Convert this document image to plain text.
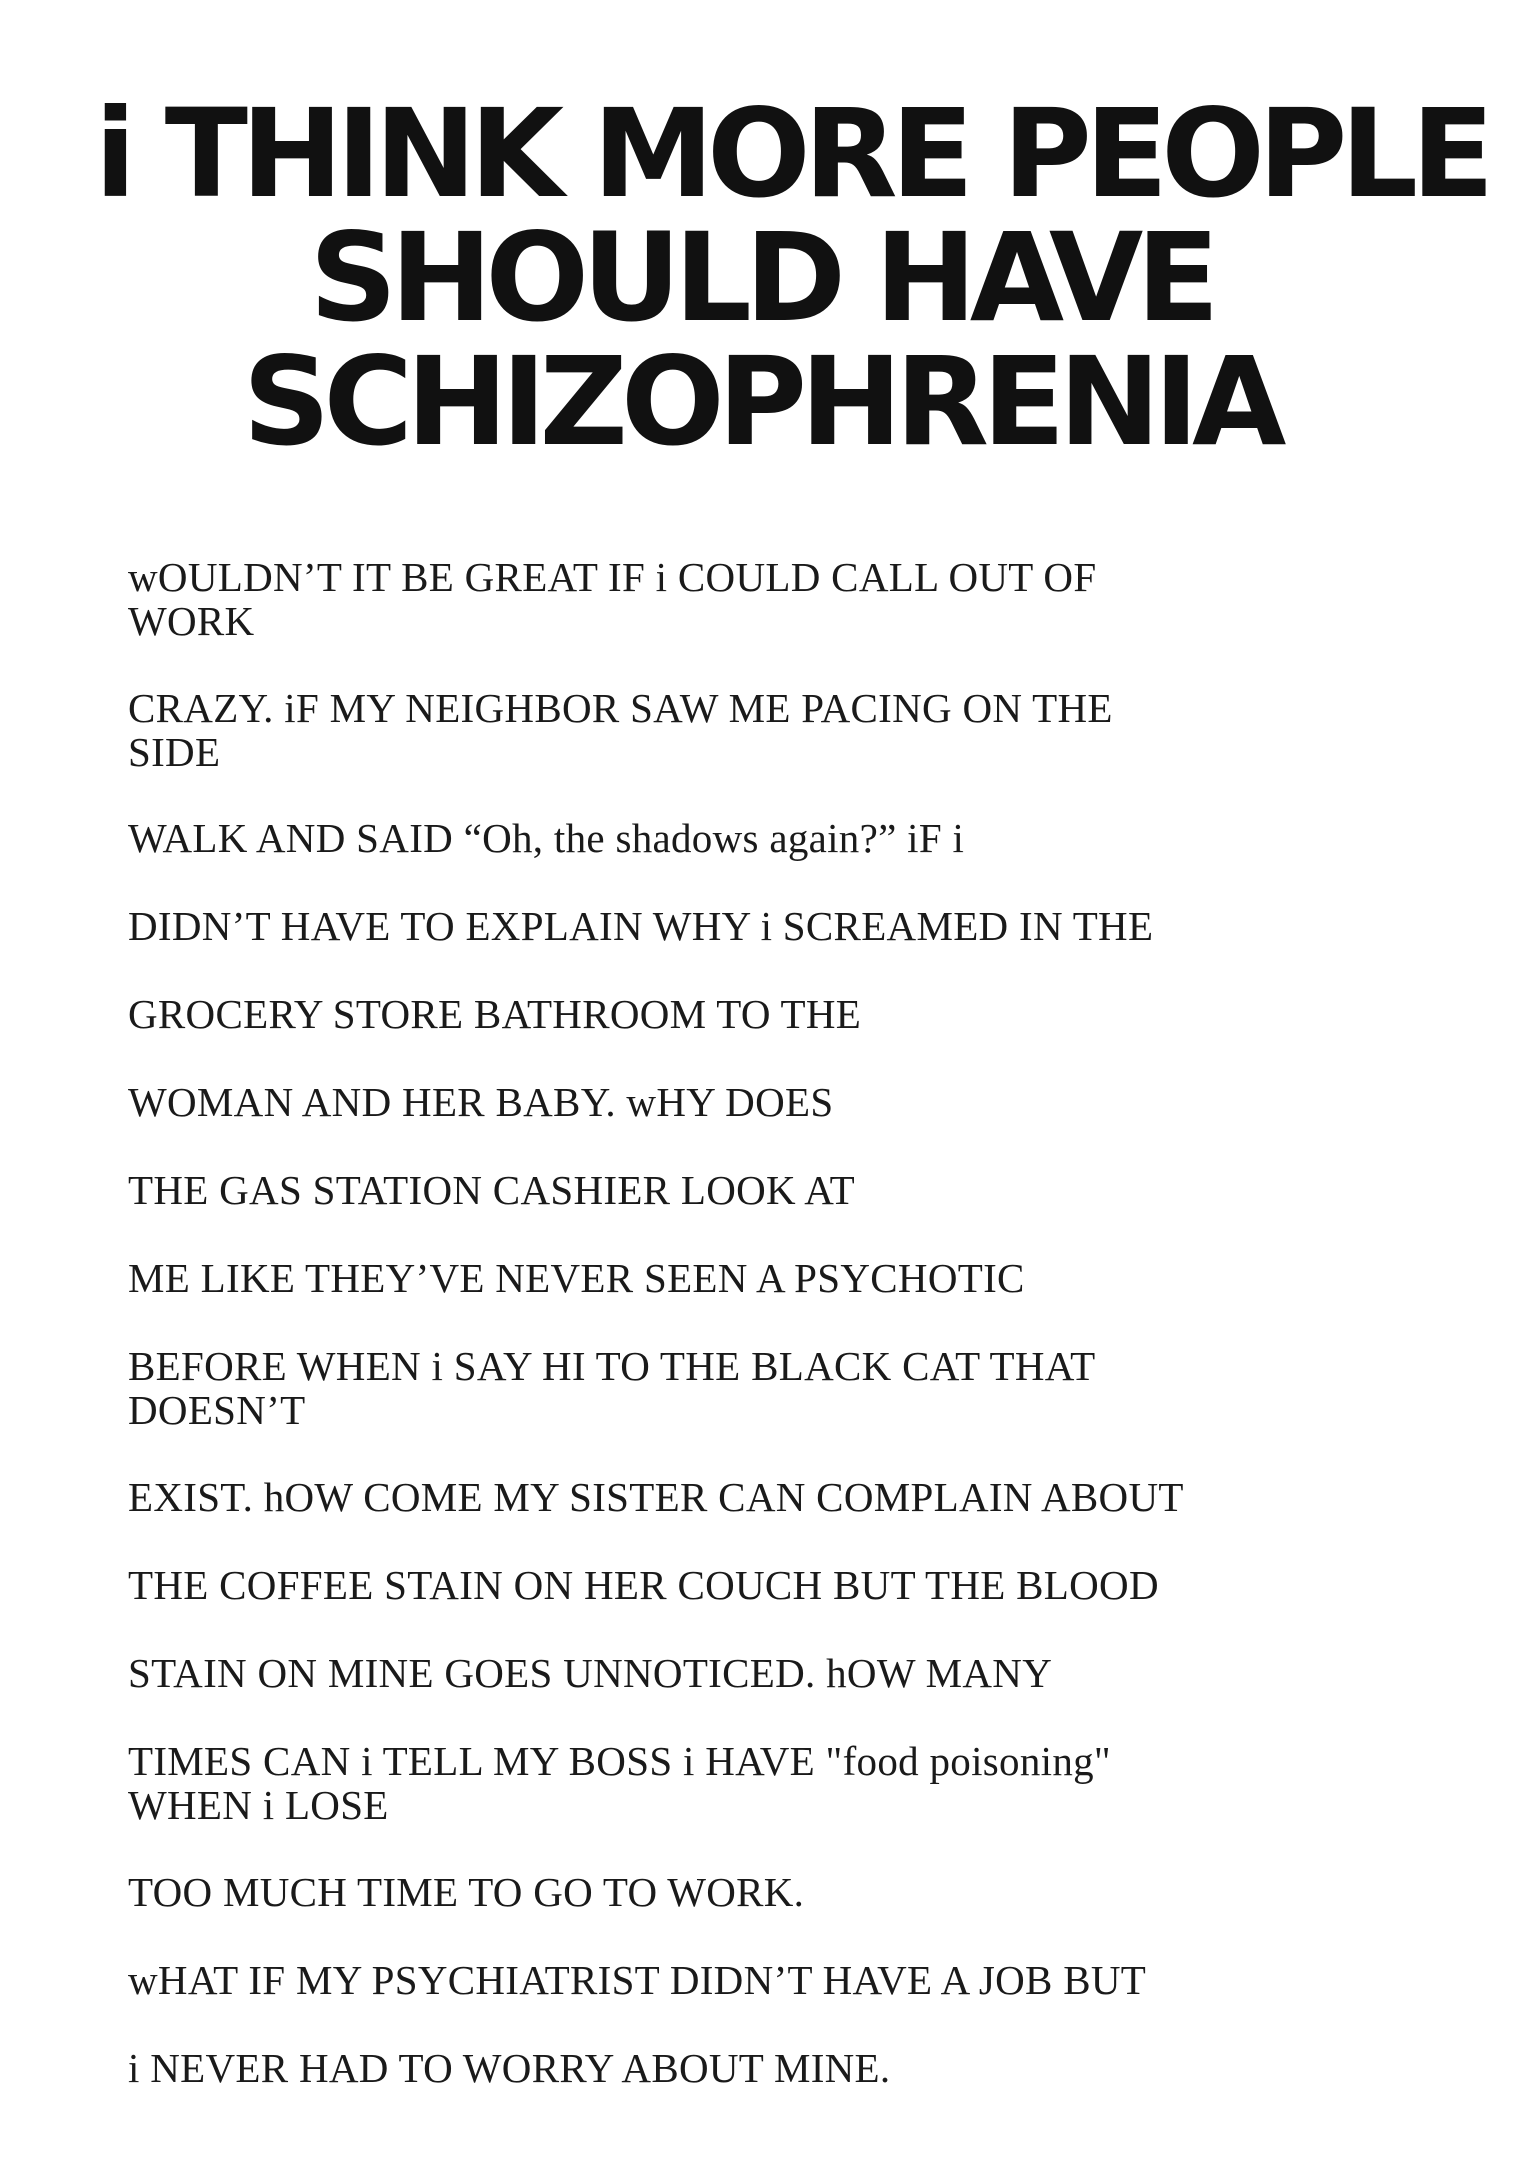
i THINK MORE PEOPLE
SHOULD HAVE
SCHIZOPHRENIA
wOULDN’T IT BE GREAT IF i COULD CALL OUT OF
WORK
CRAZY. iF MY NEIGHBOR SAW ME PACING ON THE
SIDE
WALK AND SAID “Oh, the shadows again?” iF i
DIDN’T HAVE TO EXPLAIN WHY i SCREAMED IN THE
GROCERY STORE BATHROOM TO THE
WOMAN AND HER BABY. wHY DOES
THE GAS STATION CASHIER LOOK AT
ME LIKE THEY’VE NEVER SEEN A PSYCHOTIC
BEFORE WHEN i SAY HI TO THE BLACK CAT THAT
DOESN’T
EXIST. hOW COME MY SISTER CAN COMPLAIN ABOUT
THE COFFEE STAIN ON HER COUCH BUT THE BLOOD
STAIN ON MINE GOES UNNOTICED. hOW MANY
TIMES CAN i TELL MY BOSS i HAVE "food poisoning"
WHEN i LOSE
TOO MUCH TIME TO GO TO WORK.
wHAT IF MY PSYCHIATRIST DIDN’T HAVE A JOB BUT
i NEVER HAD TO WORRY ABOUT MINE.
